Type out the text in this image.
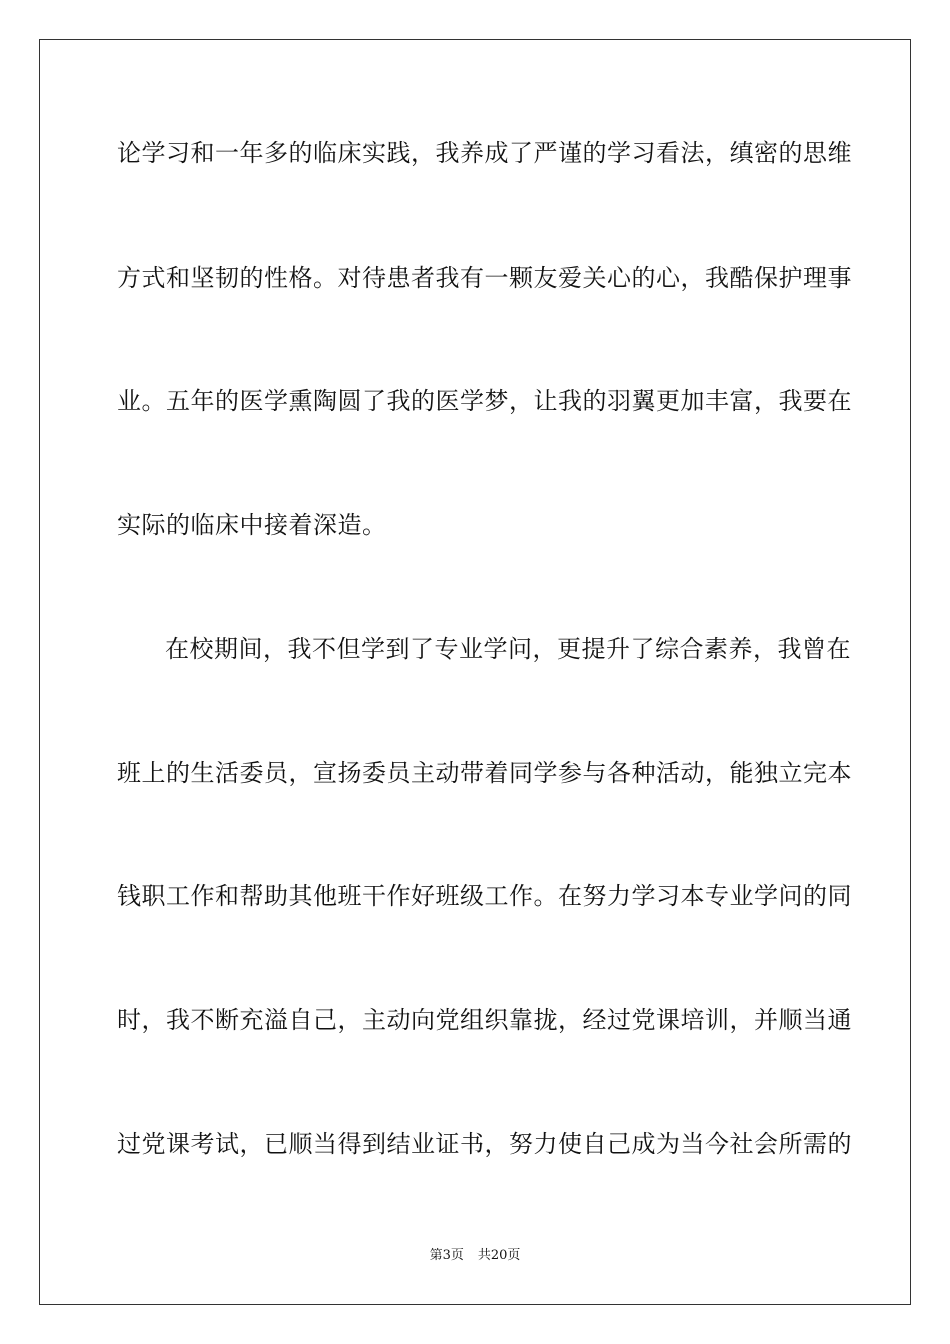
论学习和一年多的临床实践，我养成了严谨的学习看法，缜密的思维
方式和坚韧的性格。对待患者我有一颗友爱关心的心，我酷保护理事
业。五年的医学熏陶圆了我的医学梦，让我的羽翼更加丰富，我要在
实际的临床中接着深造。
在校期间，我不但学到了专业学问，更提升了综合素养，我曾在
班上的生活委员，宣扬委员主动带着同学参与各种活动，能独立完本
钱职工作和帮助其他班干作好班级工作。在努力学习本专业学问的同
时，我不断充溢自己，主动向党组织靠拢，经过党课培训，并顺当通
过党课考试，已顺当得到结业证书，努力使自己成为当今社会所需的
第3页 共20页
